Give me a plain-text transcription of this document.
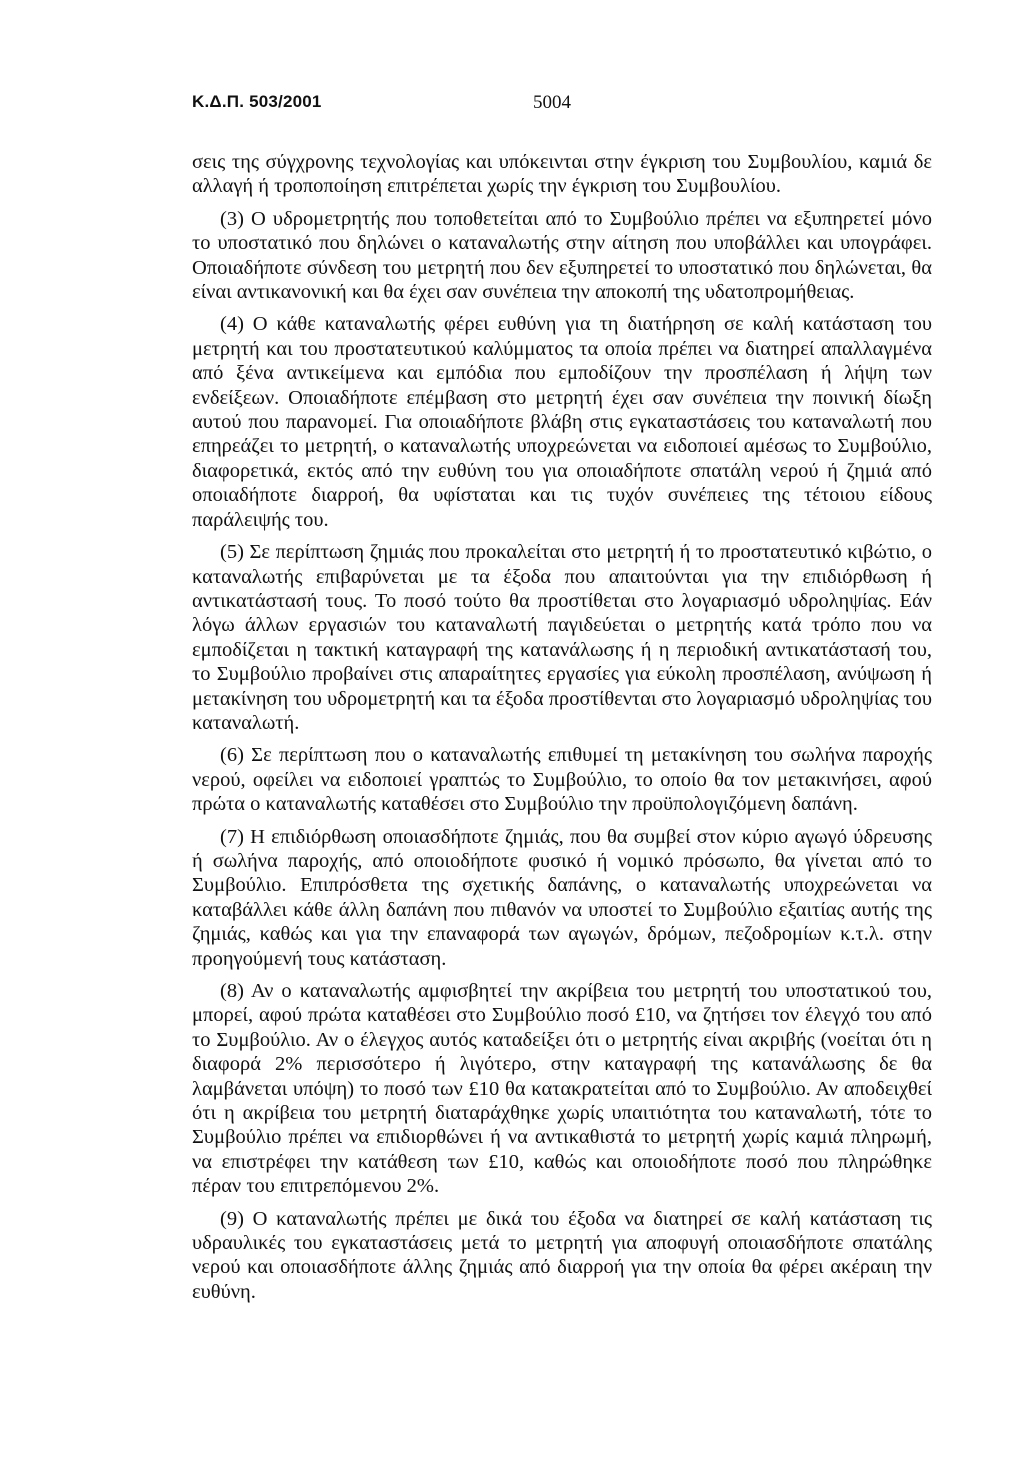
Κ.Δ.Π. 503/2001	5004

σεις της σύγχρονης τεχνολογίας και υπόκεινται στην έγκριση του Συμβουλίου, καμιά δε αλλαγή ή τροποποίηση επιτρέπεται χωρίς την έγκριση του Συμβουλίου.

(3) Ο υδρομετρητής που τοποθετείται από το Συμβούλιο πρέπει να εξυπηρετεί μόνο το υποστατικό που δηλώνει ο καταναλωτής στην αίτηση που υποβάλλει και υπογράφει. Οποιαδήποτε σύνδεση του μετρητή που δεν εξυπηρετεί το υποστατικό που δηλώνεται, θα είναι αντικανονική και θα έχει σαν συνέπεια την αποκοπή της υδατοπρομήθειας.

(4) Ο κάθε καταναλωτής φέρει ευθύνη για τη διατήρηση σε καλή κατάσταση του μετρητή και του προστατευτικού καλύμματος τα οποία πρέπει να διατηρεί απαλλαγμένα από ξένα αντικείμενα και εμπόδια που εμποδίζουν την προσπέλαση ή λήψη των ενδείξεων. Οποιαδήποτε επέμβαση στο μετρητή έχει σαν συνέπεια την ποινική δίωξη αυτού που παρανομεί. Για οποιαδήποτε βλάβη στις εγκαταστάσεις του καταναλωτή που επηρεάζει το μετρητή, ο καταναλωτής υποχρεώνεται να ειδοποιεί αμέσως το Συμβούλιο, διαφορετικά, εκτός από την ευθύνη του για οποιαδήποτε σπατάλη νερού ή ζημιά από οποιαδήποτε διαρροή, θα υφίσταται και τις τυχόν συνέπειες της τέτοιου είδους παράλειψής του.

(5) Σε περίπτωση ζημιάς που προκαλείται στο μετρητή ή το προστατευτικό κιβώτιο, ο καταναλωτής επιβαρύνεται με τα έξοδα που απαιτούνται για την επιδιόρθωση ή αντικατάστασή τους. Το ποσό τούτο θα προστίθεται στο λογαριασμό υδροληψίας. Εάν λόγω άλλων εργασιών του καταναλωτή παγιδεύεται ο μετρητής κατά τρόπο που να εμποδίζεται η τακτική καταγραφή της κατανάλωσης ή η περιοδική αντικατάστασή του, το Συμβούλιο προβαίνει στις απαραίτητες εργασίες για εύκολη προσπέλαση, ανύψωση ή μετακίνηση του υδρομετρητή και τα έξοδα προστίθενται στο λογαριασμό υδροληψίας του καταναλωτή.

(6) Σε περίπτωση που ο καταναλωτής επιθυμεί τη μετακίνηση του σωλήνα παροχής νερού, οφείλει να ειδοποιεί γραπτώς το Συμβούλιο, το οποίο θα τον μετακινήσει, αφού πρώτα ο καταναλωτής καταθέσει στο Συμβούλιο την προϋπολογιζόμενη δαπάνη.

(7) Η επιδιόρθωση οποιασδήποτε ζημιάς, που θα συμβεί στον κύριο αγωγό ύδρευσης ή σωλήνα παροχής, από οποιοδήποτε φυσικό ή νομικό πρόσωπο, θα γίνεται από το Συμβούλιο. Επιπρόσθετα της σχετικής δαπάνης, ο καταναλωτής υποχρεώνεται να καταβάλλει κάθε άλλη δαπάνη που πιθανόν να υποστεί το Συμβούλιο εξαιτίας αυτής της ζημιάς, καθώς και για την επαναφορά των αγωγών, δρόμων, πεζοδρομίων κ.τ.λ. στην προηγούμενή τους κατάσταση.

(8) Αν ο καταναλωτής αμφισβητεί την ακρίβεια του μετρητή του υποστατικού του, μπορεί, αφού πρώτα καταθέσει στο Συμβούλιο ποσό £10, να ζητήσει τον έλεγχό του από το Συμβούλιο. Αν ο έλεγχος αυτός καταδείξει ότι ο μετρητής είναι ακριβής (νοείται ότι η διαφορά 2% περισσότερο ή λιγότερο, στην καταγραφή της κατανάλωσης δε θα λαμβάνεται υπόψη) το ποσό των £10 θα κατακρατείται από το Συμβούλιο. Αν αποδειχθεί ότι η ακρίβεια του μετρητή διαταράχθηκε χωρίς υπαιτιότητα του καταναλωτή, τότε το Συμβούλιο πρέπει να επιδιορθώνει ή να αντικαθιστά το μετρητή χωρίς καμιά πληρωμή, να επιστρέφει την κατάθεση των £10, καθώς και οποιοδήποτε ποσό που πληρώθηκε πέραν του επιτρεπόμενου 2%.

(9) Ο καταναλωτής πρέπει με δικά του έξοδα να διατηρεί σε καλή κατάσταση τις υδραυλικές του εγκαταστάσεις μετά το μετρητή για αποφυγή οποιασδήποτε σπατάλης νερού και οποιασδήποτε άλλης ζημιάς από διαρροή για την οποία θα φέρει ακέραιη την ευθύνη.
